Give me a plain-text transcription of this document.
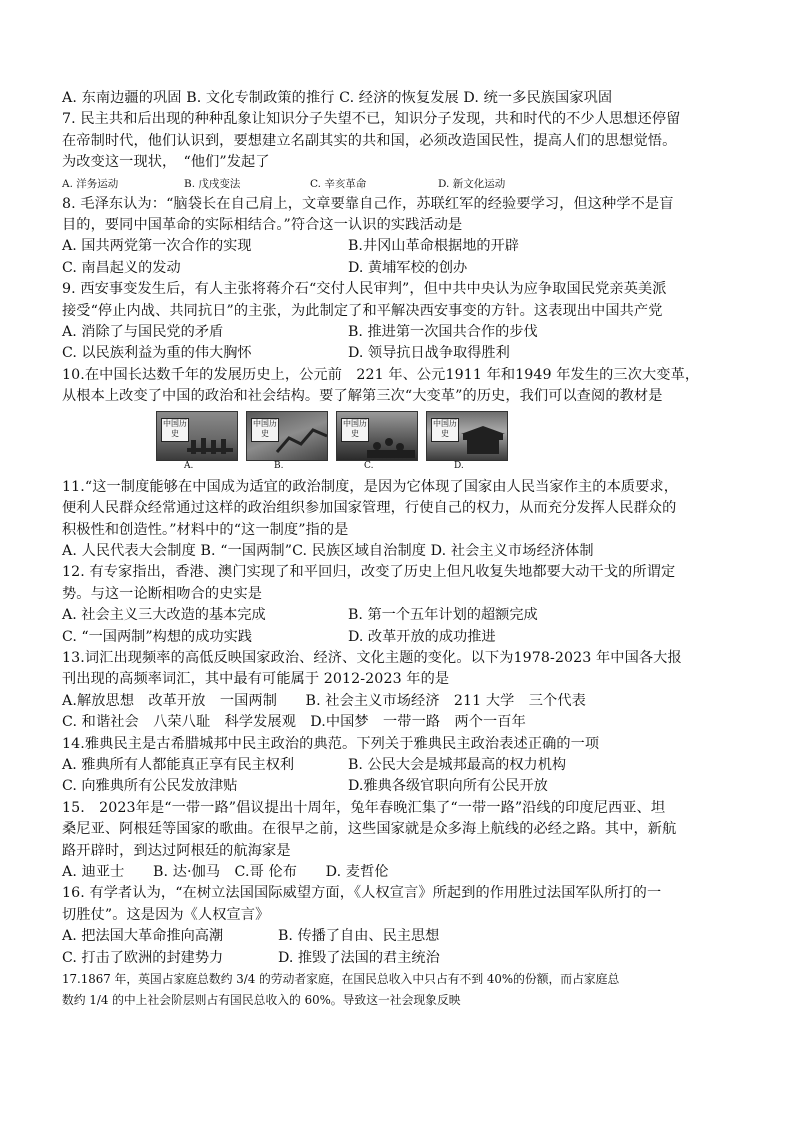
A. 东南边疆的巩固 B. 文化专制政策的推行 C. 经济的恢复发展 D. 统一多民族国家巩固
7. 民主共和后出现的种种乱象让知识分子失望不已，知识分子发现，共和时代的不少人思想还停留
在帝制时代，他们认识到，要想建立名副其实的共和国，必须改造国民性，提高人们的思想觉悟。
为改变这一现状，　“他们”发起了
A. 洋务运动	B. 戊戌变法	C. 辛亥革命	D. 新文化运动
8. 毛泽东认为：“脑袋长在自己肩上，文章要靠自己作，苏联红军的经验要学习，但这种学不是盲
目的，要同中国革命的实际相结合。”符合这一认识的实践活动是
A. 国共两党第一次合作的实现	B.井冈山革命根据地的开辟
C. 南昌起义的发动	D. 黄埔军校的创办
9. 西安事变发生后，有人主张将蒋介石“交付人民审判”，但中共中央认为应争取国民党亲英美派
接受“停止内战、共同抗日”的主张，为此制定了和平解决西安事变的方针。这表现出中国共产党
A. 消除了与国民党的矛盾	B. 推进第一次国共合作的步伐
C. 以民族利益为重的伟大胸怀	D. 领导抗日战争取得胜利
10.在中国长达数千年的发展历史上，公元前　221 年、公元1911 年和1949 年发生的三次大变革，
从根本上改变了中国的政治和社会结构。要了解第三次“大变革”的历史，我们可以查阅的教材是
中国历史
A.
中国历史
B.
中国历史
C.
中国历史
D.
11.“这一制度能够在中国成为适宜的政治制度，是因为它体现了国家由人民当家作主的本质要求，
便利人民群众经常通过这样的政治组织参加国家管理，行使自己的权力，从而充分发挥人民群众的
积极性和创造性。”材料中的“这一制度”指的是
A. 人民代表大会制度 B. “一国两制”C. 民族区域自治制度 D. 社会主义市场经济体制
12. 有专家指出，香港、澳门实现了和平回归，改变了历史上但凡收复失地都要大动干戈的所谓定
势。与这一论断相吻合的史实是
A. 社会主义三大改造的基本完成	B. 第一个五年计划的超额完成
C. “一国两制”构想的成功实践	D. 改革开放的成功推进
13.词汇出现频率的高低反映国家政治、经济、文化主题的变化。以下为1978-2023 年中国各大报
刊出现的高频率词汇，其中最有可能属于 2012-2023 年的是
A.解放思想　改革开放　一国两制　　B. 社会主义市场经济　211 大学　三个代表
C. 和谐社会　八荣八耻　科学发展观　D.中国梦　一带一路　两个一百年
14.雅典民主是古希腊城邦中民主政治的典范。下列关于雅典民主政治表述正确的一项
A. 雅典所有人都能真正享有民主权利	B. 公民大会是城邦最高的权力机构
C. 向雅典所有公民发放津贴	D.雅典各级官职向所有公民开放
15.　2023年是“一带一路”倡议提出十周年，兔年春晚汇集了“一带一路”沿线的印度尼西亚、坦
桑尼亚、阿根廷等国家的歌曲。在很早之前，这些国家就是众多海上航线的必经之路。其中，新航
路开辟时，到达过阿根廷的航海家是
A. 迪亚士　　B. 达·伽马　C.哥 伦布　　D. 麦哲伦
16. 有学者认为，“在树立法国国际威望方面，《人权宣言》所起到的作用胜过法国军队所打的一
切胜仗”。这是因为《人权宣言》
A. 把法国大革命推向高潮	B. 传播了自由、民主思想
C. 打击了欧洲的封建势力	D. 推毁了法国的君主统治
17.1867 年，英国占家庭总数约 3/4 的劳动者家庭，在国民总收入中只占有不到 40%的份额，而占家庭总
数约 1/4 的中上社会阶层则占有国民总收入的 60%。导致这一社会现象反映
